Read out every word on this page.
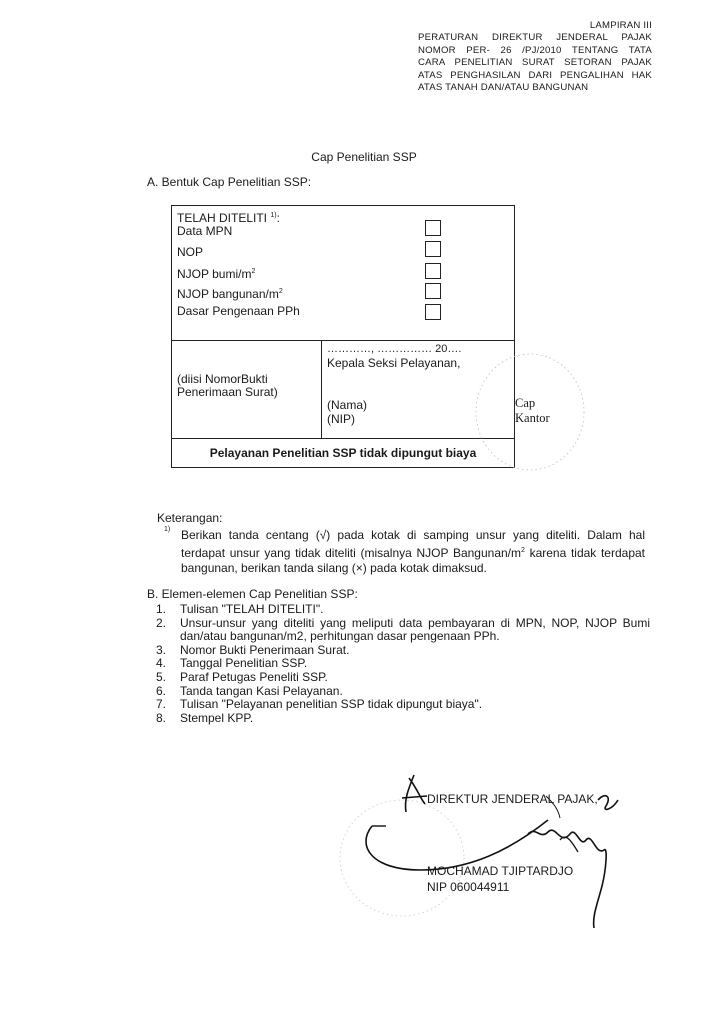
LAMPIRAN III
PERATURAN DIREKTUR JENDERAL PAJAK
NOMOR PER- 26 /PJ/2010 TENTANG TATA
CARA PENELITIAN SURAT SETORAN PAJAK
ATAS PENGHASILAN DARI PENGALIHAN HAK
ATAS TANAH DAN/ATAU BANGUNAN
Cap Penelitian SSP
A. Bentuk Cap Penelitian SSP:
TELAH DITELITI $^{1)}$:
Data MPN
NOP
NJOP bumi/$m^2$
NJOP bangunan/$m^2$
Dasar Pengenaan PPh
…………, …………… 20….
Kepala Seksi Pelayanan,
(diisi NomorBukti
Penerimaan Surat)
(Nama)
(NIP)
Pelayanan Penelitian SSP tidak dipungut biaya
Cap
Kantor
Keterangan:
1) Berikan tanda centang (√) pada kotak di samping unsur yang diteliti. Dalam hal terdapat unsur yang tidak diteliti (misalnya NJOP Bangunan/$m^2$ karena tidak terdapat bangunan, berikan tanda silang (×) pada kotak dimaksud.
B. Elemen-elemen Cap Penelitian SSP:
1. Tulisan "TELAH DITELITI".
2. Unsur-unsur yang diteliti yang meliputi data pembayaran di MPN, NOP, NJOP Bumi dan/atau bangunan/m2, perhitungan dasar pengenaan PPh.
3. Nomor Bukti Penerimaan Surat.
4. Tanggal Penelitian SSP.
5. Paraf Petugas Peneliti SSP.
6. Tanda tangan Kasi Pelayanan.
7. Tulisan "Pelayanan penelitian SSP tidak dipungut biaya".
8. Stempel KPP.
DIREKTUR JENDERAL PAJAK,
MOCHAMAD TJIPTARDJO
NIP 060044911
